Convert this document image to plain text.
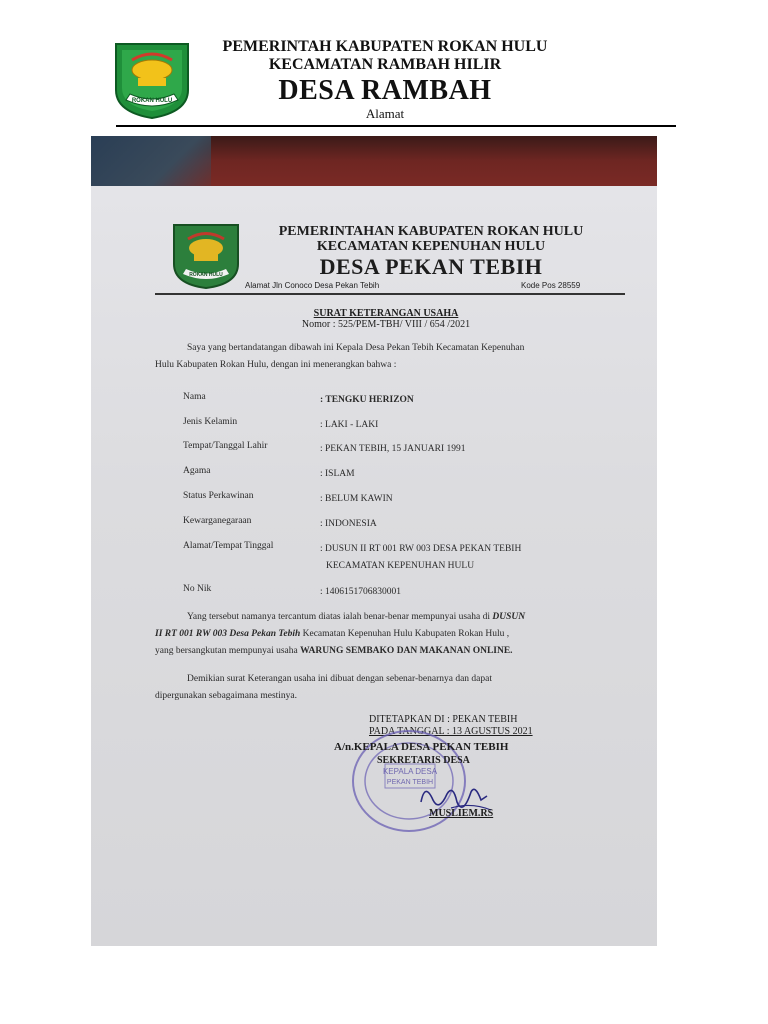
ROKAN HULU
PEMERINTAH KABUPATEN ROKAN HULU
KECAMATAN RAMBAH HILIR
DESA RAMBAH
Alamat
ROKAN HULU
PEMERINTAHAN KABUPATEN ROKAN HULU
KECAMATAN KEPENUHAN HULU
DESA PEKAN TEBIH
Alamat Jln Conoco Desa Pekan Tebih	Kode Pos 28559
SURAT KETERANGAN USAHA
Nomor : 525/PEM-TBH/ VIII / 654 /2021
Saya yang bertandatangan dibawah ini Kepala Desa Pekan Tebih Kecamatan Kepenuhan
Hulu Kabupaten Rokan Hulu, dengan ini menerangkan bahwa :
Nama	: TENGKU HERIZON
Jenis Kelamin	: LAKI - LAKI
Tempat/Tanggal Lahir	: PEKAN TEBIH, 15 JANUARI 1991
Agama	: ISLAM
Status Perkawinan	: BELUM KAWIN
Kewarganegaraan	: INDONESIA
Alamat/Tempat Tinggal	: DUSUN II RT 001 RW 003 DESA PEKAN TEBIH
KECAMATAN KEPENUHAN HULU
No Nik	: 1406151706830001
Yang tersebut namanya tercantum diatas ialah benar-benar mempunyai usaha di DUSUN
II RT 001 RW 003 Desa Pekan Tebih Kecamatan Kepenuhan Hulu Kabupaten Rokan Hulu ,
yang bersangkutan mempunyai usaha WARUNG SEMBAKO DAN MAKANAN ONLINE.
Demikian surat Keterangan usaha ini dibuat dengan sebenar-benarnya dan dapat
dipergunakan sebagaimana mestinya.
DITETAPKAN DI : PEKAN TEBIH
PADA TANGGAL : 13 AGUSTUS 2021
KEPALA DESA
PEKAN TEBIH
A/n.KEPALA DESA PEKAN TEBIH
SEKRETARIS DESA
MUSLIEM.RS
